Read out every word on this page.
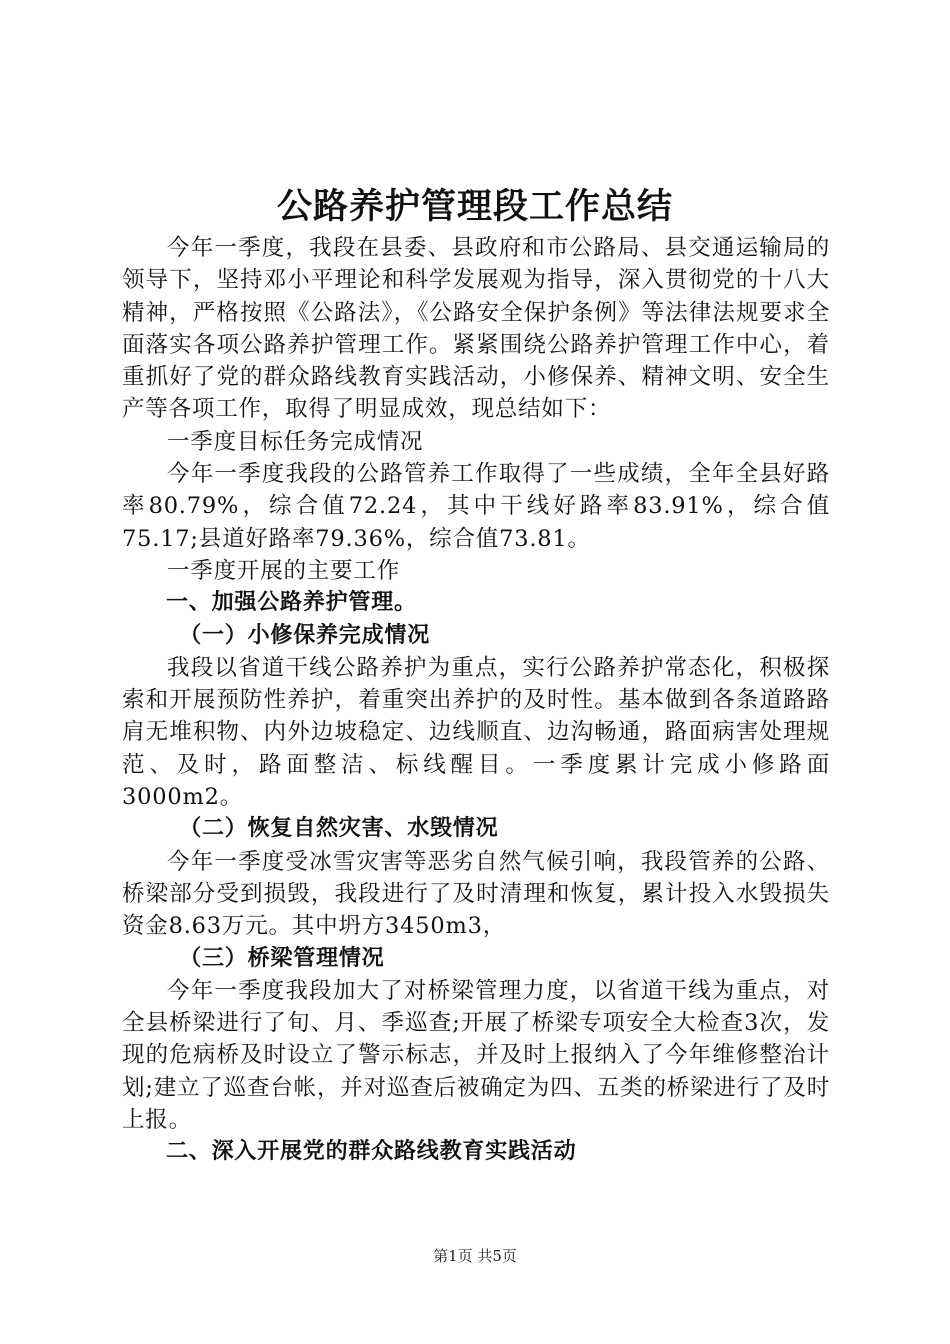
公路养护管理段工作总结

今年一季度，我段在县委、县政府和市公路局、县交通运输局的领导下，坚持邓小平理论和科学发展观为指导，深入贯彻党的十八大精神，严格按照《公路法》，《公路安全保护条例》等法律法规要求全面落实各项公路养护管理工作。紧紧围绕公路养护管理工作中心，着重抓好了党的群众路线教育实践活动，小修保养、精神文明、安全生产等各项工作，取得了明显成效，现总结如下：

一季度目标任务完成情况

今年一季度我段的公路管养工作取得了一些成绩，全年全县好路率80.79%，综合值72.24，其中干线好路率83.91%，综合值75.17;县道好路率79.36%，综合值73.81。

一季度开展的主要工作

一、加强公路养护管理。

（一）小修保养完成情况

我段以省道干线公路养护为重点，实行公路养护常态化，积极探索和开展预防性养护，着重突出养护的及时性。基本做到各条道路路肩无堆积物、内外边坡稳定、边线顺直、边沟畅通，路面病害处理规范、及时，路面整洁、标线醒目。一季度累计完成小修路面3000m2。

（二）恢复自然灾害、水毁情况

今年一季度受冰雪灾害等恶劣自然气候引响，我段管养的公路、桥梁部分受到损毁，我段进行了及时清理和恢复，累计投入水毁损失资金8.63万元。其中坍方3450m3，

（三）桥梁管理情况

今年一季度我段加大了对桥梁管理力度，以省道干线为重点，对全县桥梁进行了旬、月、季巡查;开展了桥梁专项安全大检查3次，发现的危病桥及时设立了警示标志，并及时上报纳入了今年维修整治计划;建立了巡查台帐，并对巡查后被确定为四、五类的桥梁进行了及时上报。

二、深入开展党的群众路线教育实践活动

第1页 共5页
